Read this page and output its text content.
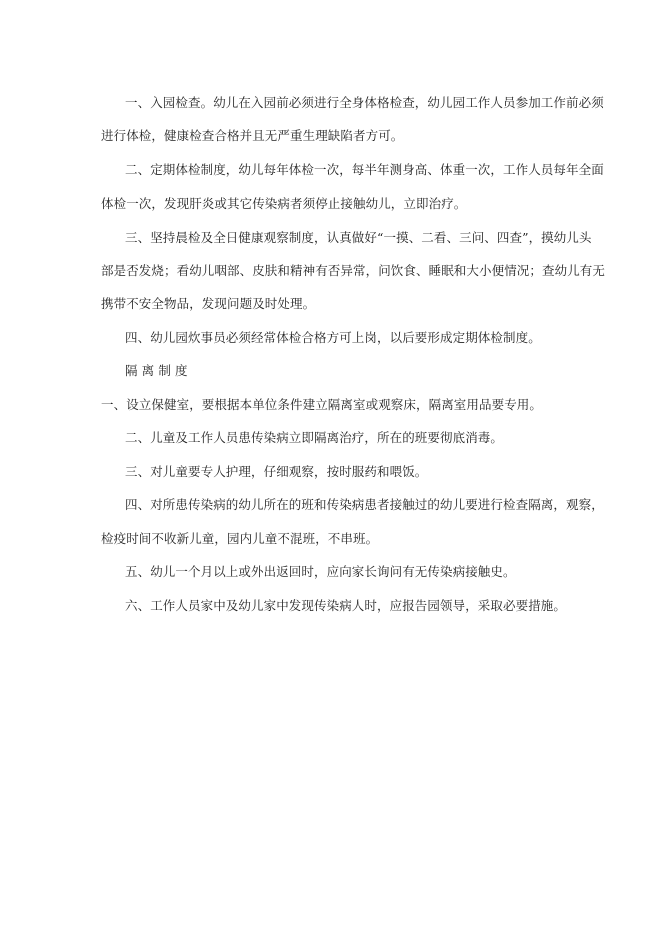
一、入园检查。幼儿在入园前必须进行全身体格检查，幼儿园工作人员参加工作前必须
进行体检，健康检查合格并且无严重生理缺陷者方可。
二、定期体检制度，幼儿每年体检一次，每半年测身高、体重一次，工作人员每年全面
体检一次，发现肝炎或其它传染病者须停止接触幼儿，立即治疗。
三、坚持晨检及全日健康观察制度，认真做好“一摸、二看、三问、四查”，摸幼儿头
部是否发烧；看幼儿咽部、皮肤和精神有否异常，问饮食、睡眠和大小便情况；查幼儿有无
携带不安全物品，发现问题及时处理。
四、幼儿园炊事员必须经常体检合格方可上岗，以后要形成定期体检制度。
隔 离 制 度
一、设立保健室，要根据本单位条件建立隔离室或观察床，隔离室用品要专用。
二、儿童及工作人员患传染病立即隔离治疗，所在的班要彻底消毒。
三、对儿童要专人护理，仔细观察，按时服药和喂饭。
四、对所患传染病的幼儿所在的班和传染病患者接触过的幼儿要进行检查隔离，观察，
检疫时间不收新儿童，园内儿童不混班，不串班。
五、幼儿一个月以上或外出返回时，应向家长询问有无传染病接触史。
六、工作人员家中及幼儿家中发现传染病人时，应报告园领导，采取必要措施。
